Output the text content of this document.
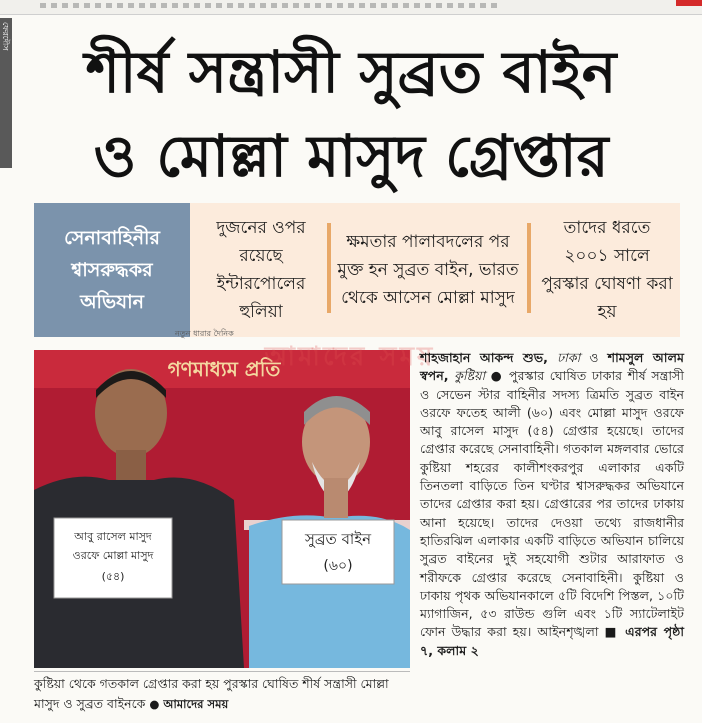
ফেরদৌস
শীর্ষ সন্ত্রাসী সুব্রত বাইন
ও মোল্লা মাসুদ গ্রেপ্তার
সেনাবাহিনীর শ্বাসরুদ্ধকর অভিযান
দুজনের ওপর রয়েছে ইন্টারপোলের হুলিয়া
ক্ষমতার পালাবদলের পর মুক্ত হন সুব্রত বাইন, ভারত থেকে আসেন মোল্লা মাসুদ
তাদের ধরতে ২০০১ সালে পুরস্কার ঘোষণা করা হয়
নতুন ধারার দৈনিক
গণমাধ্যম প্রতি
আবু রাসেল মাসুদ
ওরফে মোল্লা মাসুদ
(৫৪)
সুব্রত বাইন
(৬০)
আমাদের সময়
কুষ্টিয়া থেকে গতকাল গ্রেপ্তার করা হয় পুরস্কার ঘোষিত শীর্ষ সন্ত্রাসী মোল্লা মাসুদ ও সুব্রত বাইনকে ● আমাদের সময়
শাহজাহান আকন্দ শুভ, ঢাকা ও শামসুল আলম স্বপন, কুষ্টিয়া ● পুরস্কার ঘোষিত ঢাকার শীর্ষ সন্ত্রাসী ও সেভেন স্টার বাহিনীর সদস্য ত্রিমতি সুব্রত বাইন ওরফে ফতেহ আলী (৬০) এবং মোল্লা মাসুদ ওরফে আবু রাসেল মাসুদ (৫৪) গ্রেপ্তার হয়েছে। তাদের গ্রেপ্তার করেছে সেনাবাহিনী। গতকাল মঙ্গলবার ভোরে কুষ্টিয়া শহরের কালীশংকরপুর এলাকার একটি তিনতলা বাড়িতে তিন ঘণ্টার শ্বাসরুদ্ধকর অভিযানে তাদের গ্রেপ্তার করা হয়। গ্রেপ্তারের পর তাদের ঢাকায় আনা হয়েছে। তাদের দেওয়া তথ্যে রাজধানীর হাতিরঝিল এলাকার একটি বাড়িতে অভিযান চালিয়ে সুব্রত বাইনের দুই সহযোগী শুটার আরাফাত ও শরীফকে গ্রেপ্তার করেছে সেনাবাহিনী। কুষ্টিয়া ও ঢাকায় পৃথক অভিযানকালে ৫টি বিদেশি পিস্তল, ১০টি ম্যাগাজিন, ৫৩ রাউন্ড গুলি এবং ১টি স্যাটেলাইট ফোন উদ্ধার করা হয়। আইনশৃঙ্খলা ■ এরপর পৃষ্ঠা ৭, কলাম ২
